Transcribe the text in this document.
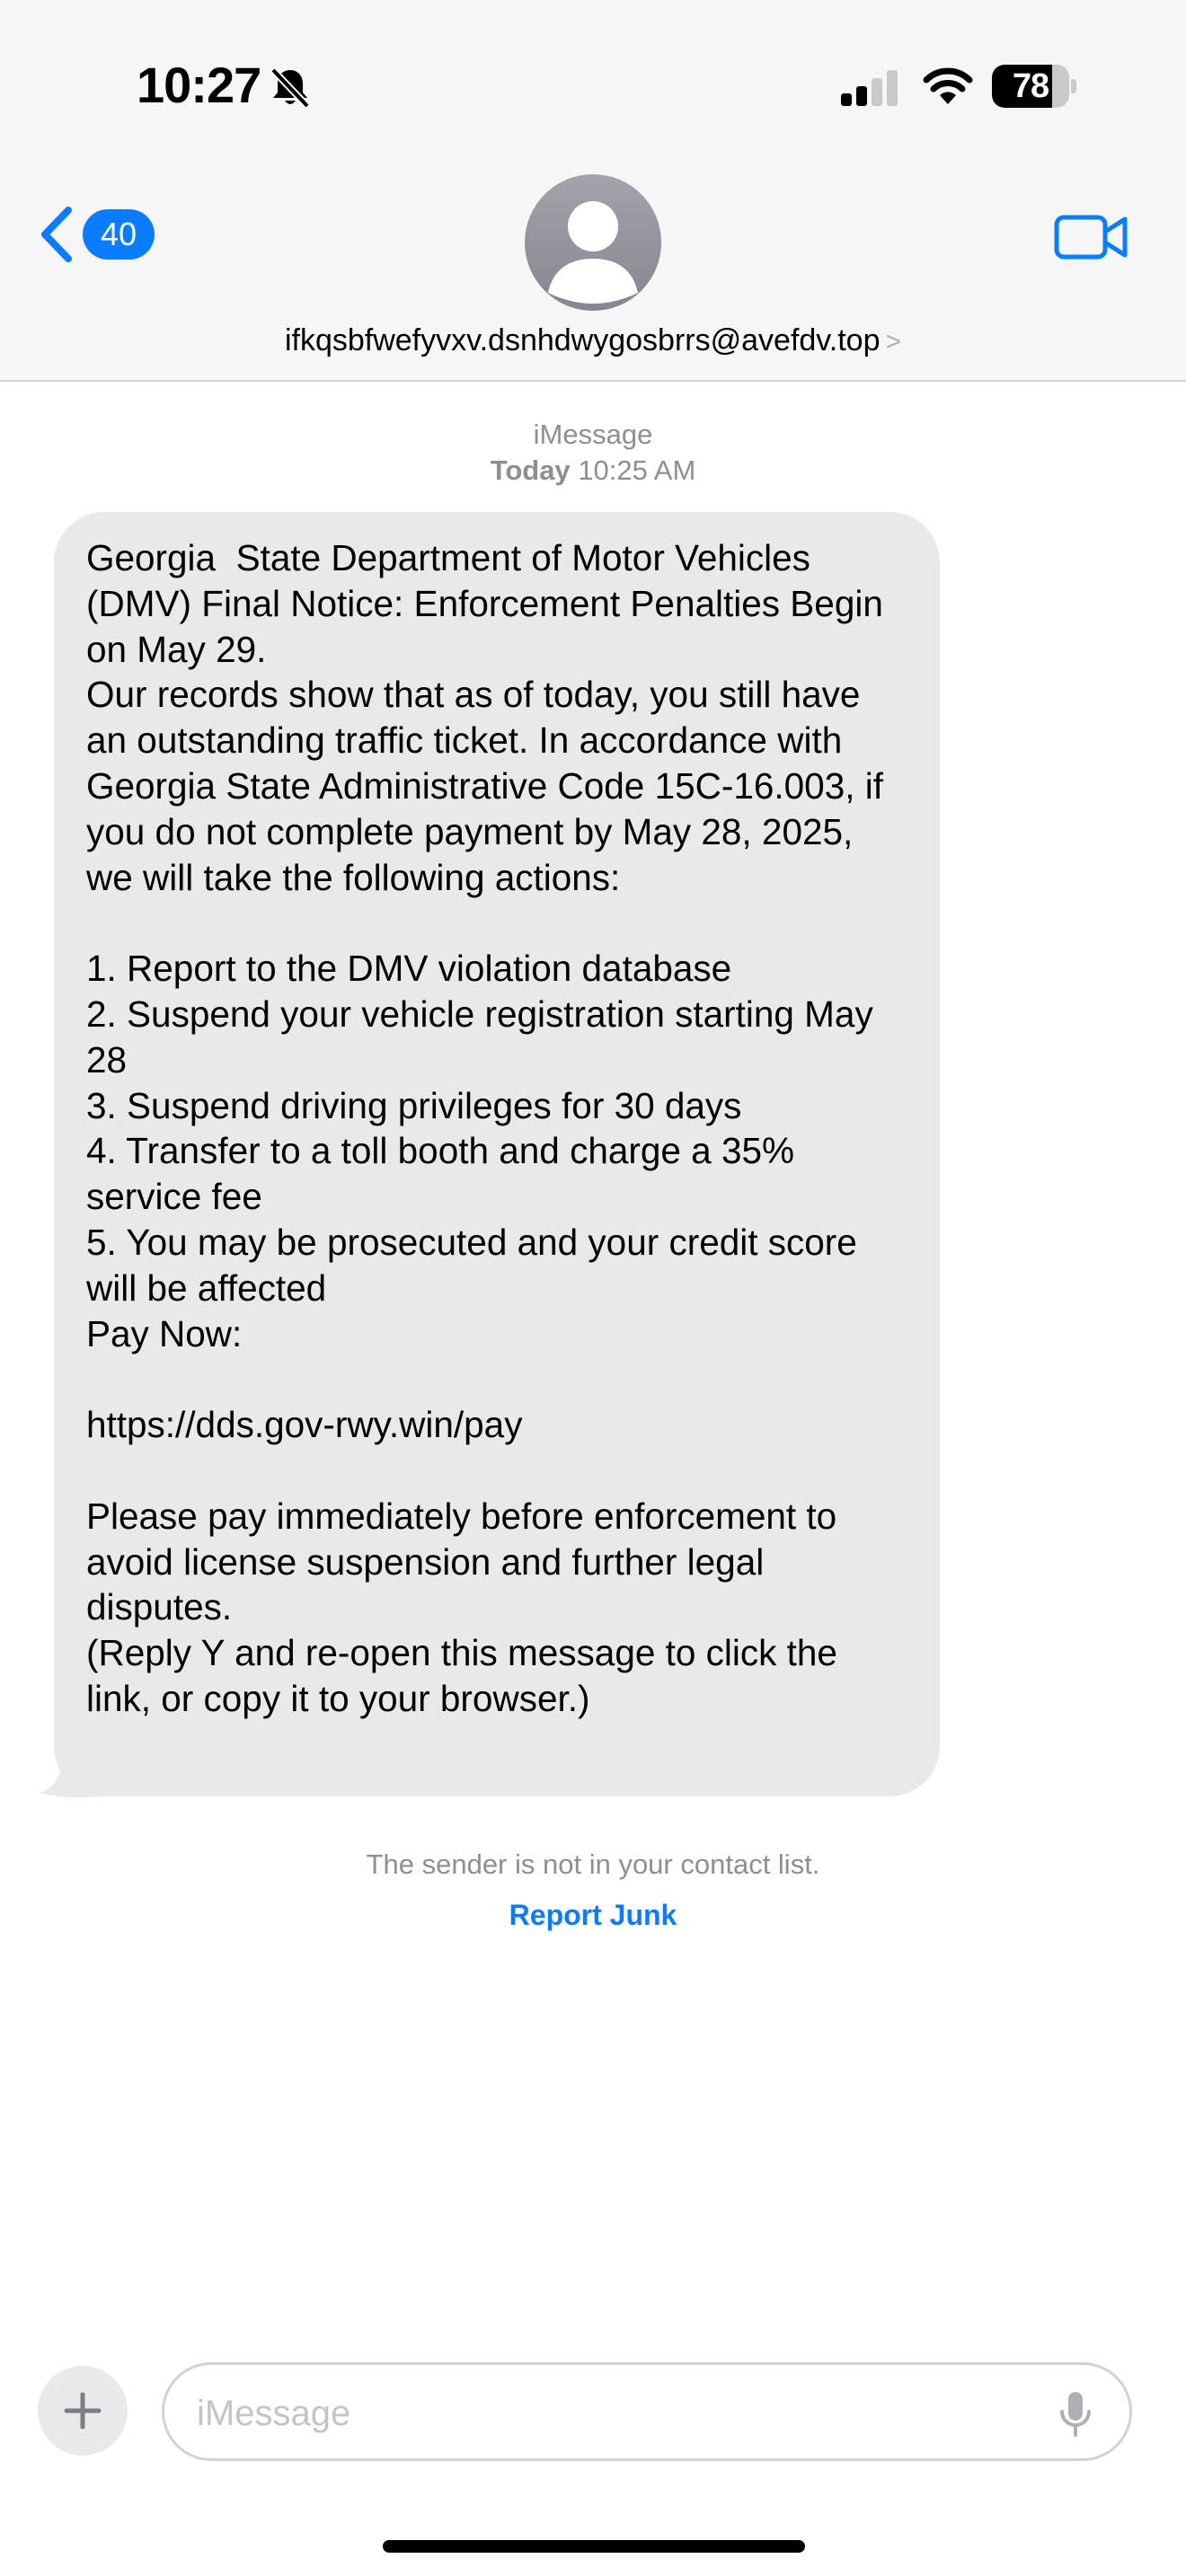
10:27	78
40
ifkqsbfwefyvxv.dsnhdwygosbrrs@avefdv.top >
iMessage
Today 10:25 AM
Georgia  State Department of Motor Vehicles (DMV) Final Notice: Enforcement Penalties Begin on May 29.
Our records show that as of today, you still have an outstanding traffic ticket. In accordance with Georgia State Administrative Code 15C-16.003, if you do not complete payment by May 28, 2025, we will take the following actions:

1. Report to the DMV violation database
2. Suspend your vehicle registration starting May 28
3. Suspend driving privileges for 30 days
4. Transfer to a toll booth and charge a 35% service fee
5. You may be prosecuted and your credit score will be affected
Pay Now:

https://dds.gov-rwy.win/pay

Please pay immediately before enforcement to avoid license suspension and further legal disputes.
(Reply Y and re-open this message to click the link, or copy it to your browser.)
The sender is not in your contact list.
Report Junk
iMessage
